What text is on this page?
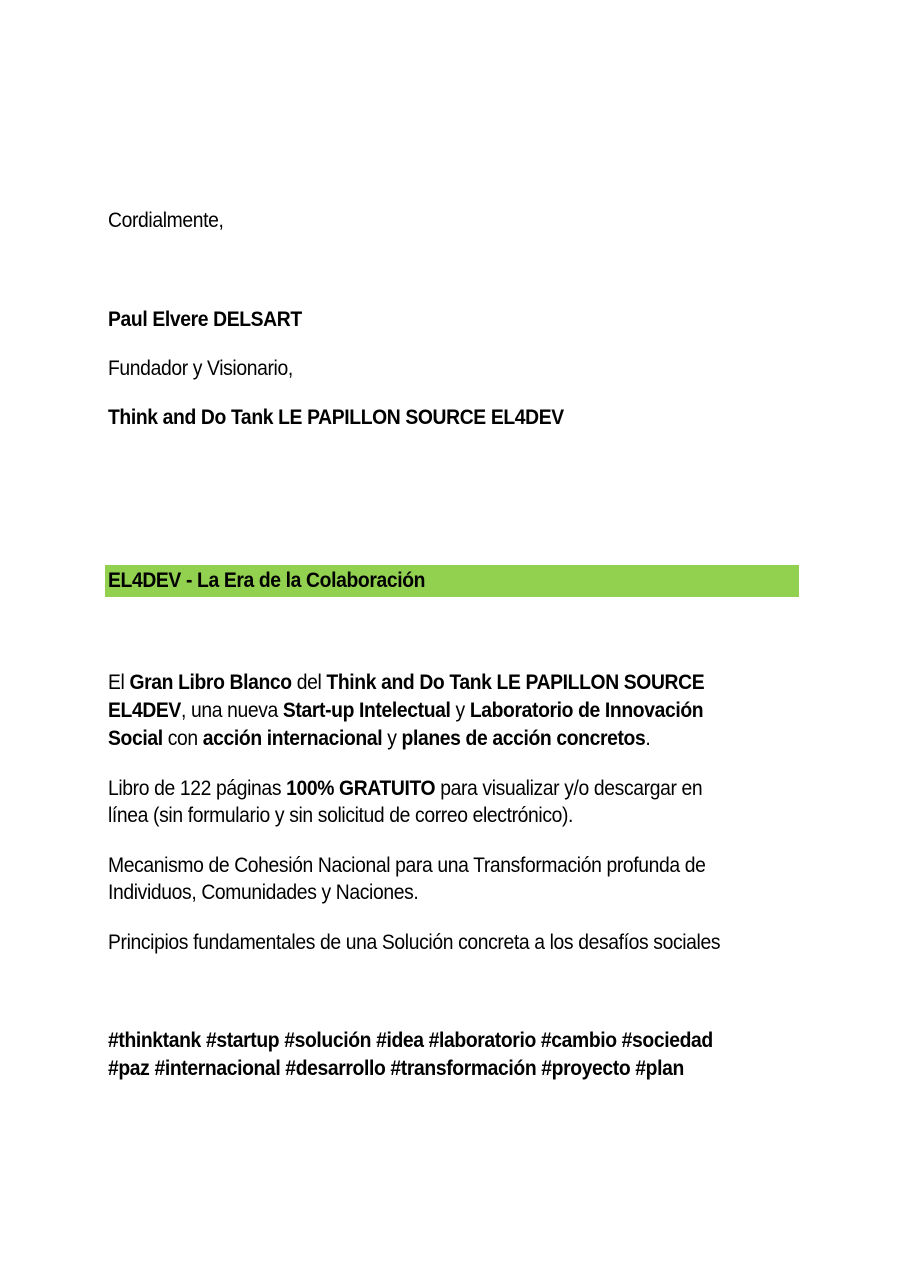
Cordialmente,
Paul Elvere DELSART
Fundador y Visionario,
Think and Do Tank LE PAPILLON SOURCE EL4DEV
EL4DEV - La Era de la Colaboración
El Gran Libro Blanco del Think and Do Tank LE PAPILLON SOURCE
EL4DEV, una nueva Start-up Intelectual y Laboratorio de Innovación
Social con acción internacional y planes de acción concretos.
Libro de 122 páginas 100% GRATUITO para visualizar y/o descargar en
línea (sin formulario y sin solicitud de correo electrónico).
Mecanismo de Cohesión Nacional para una Transformación profunda de
Individuos, Comunidades y Naciones.
Principios fundamentales de una Solución concreta a los desafíos sociales
#thinktank #startup #solución #idea #laboratorio #cambio #sociedad
#paz #internacional #desarrollo #transformación #proyecto #plan
